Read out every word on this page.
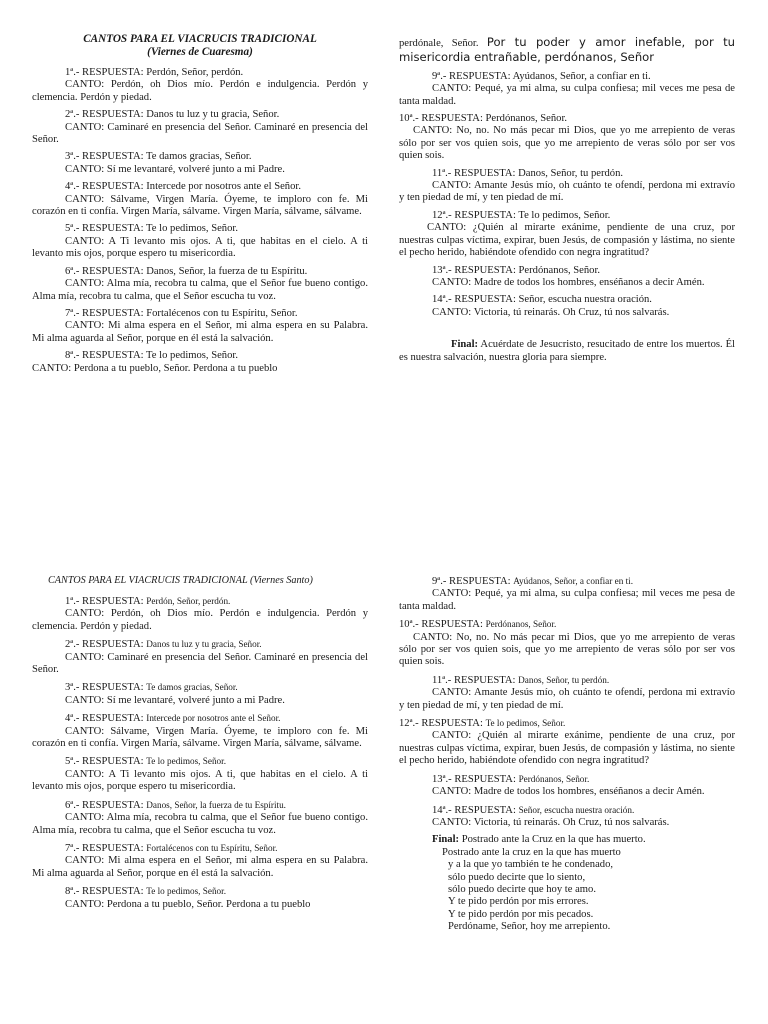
CANTOS PARA EL VIACRUCIS TRADICIONAL
(Viernes de Cuaresma)

1ª.- RESPUESTA: Perdón, Señor, perdón.

CANTO: Perdón, oh Dios mío. Perdón e indulgencia. Perdón y clemencia. Perdón y piedad.

2ª.- RESPUESTA: Danos tu luz y tu gracia, Señor.

CANTO: Caminaré en presencia del Señor. Caminaré en presencia del Señor.

3ª.- RESPUESTA: Te damos gracias, Señor.

CANTO: Sí me levantaré, volveré junto a mi Padre.

4ª.- RESPUESTA: Intercede por nosotros ante el Señor.

CANTO: Sálvame, Virgen María. Óyeme, te imploro con fe. Mi corazón en ti confía. Virgen María, sálvame. Virgen María, sálvame, sálvame.

5ª.- RESPUESTA: Te lo pedimos, Señor.

CANTO: A Ti levanto mis ojos. A ti, que habitas en el cielo. A ti levanto mis ojos, porque espero tu misericordia.

6ª.- RESPUESTA: Danos, Señor, la fuerza de tu Espíritu.

CANTO: Alma mía, recobra tu calma, que el Señor fue bueno contigo. Alma mía, recobra tu calma, que el Señor escucha tu voz.

7ª.- RESPUESTA: Fortalécenos con tu Espíritu, Señor.

CANTO: Mi alma espera en el Señor, mi alma espera en su Palabra. Mi alma aguarda al Señor, porque en él está la salvación.

8ª.- RESPUESTA: Te lo pedimos, Señor.

CANTO: Perdona a tu pueblo, Señor. Perdona a tu pueblo

perdónale, Señor. Por tu poder y amor inefable, por tu misericordia entrañable, perdónanos, Señor

9ª.- RESPUESTA: Ayúdanos, Señor, a confiar en ti.

CANTO: Pequé, ya mi alma, su culpa confiesa; mil veces me pesa de tanta maldad.

10ª.- RESPUESTA: Perdónanos, Señor.

CANTO: No, no. No más pecar mi Dios, que yo me arrepiento de veras sólo por ser vos quien sois, que yo me arrepiento de veras sólo por ser vos quien sois.

11ª.- RESPUESTA: Danos, Señor, tu perdón.

CANTO: Amante Jesús mío, oh cuánto te ofendí, perdona mi extravío y ten piedad de mí, y ten piedad de mí.

12ª.- RESPUESTA: Te lo pedimos, Señor.

CANTO: ¿Quién al mirarte exánime, pendiente de una cruz, por nuestras culpas víctima, expirar, buen Jesús, de compasión y lástima, no siente el pecho herido, habiéndote ofendido con negra ingratitud?

13ª.- RESPUESTA: Perdónanos, Señor.

CANTO: Madre de todos los hombres, enséñanos a decir Amén.

14ª.- RESPUESTA: Señor, escucha nuestra oración.

CANTO: Victoria, tú reinarás. Oh Cruz, tú nos salvarás.

Final: Acuérdate de Jesucristo, resucitado de entre los muertos. Él es nuestra salvación, nuestra gloria para siempre.

CANTOS PARA EL VIACRUCIS TRADICIONAL (Viernes Santo)

1ª.- RESPUESTA: Perdón, Señor, perdón.

CANTO: Perdón, oh Dios mío. Perdón e indulgencia. Perdón y clemencia. Perdón y piedad.

2ª.- RESPUESTA: Danos tu luz y tu gracia, Señor.

CANTO: Caminaré en presencia del Señor. Caminaré en presencia del Señor.

3ª.- RESPUESTA: Te damos gracias, Señor.

CANTO: Sí me levantaré, volveré junto a mi Padre.

4ª.- RESPUESTA: Intercede por nosotros ante el Señor.

CANTO: Sálvame, Virgen María. Óyeme, te imploro con fe. Mi corazón en ti confía. Virgen María, sálvame. Virgen María, sálvame, sálvame.

5ª.- RESPUESTA: Te lo pedimos, Señor.

CANTO: A Ti levanto mis ojos. A ti, que habitas en el cielo. A ti levanto mis ojos, porque espero tu misericordia.

6ª.- RESPUESTA: Danos, Señor, la fuerza de tu Espíritu.

CANTO: Alma mía, recobra tu calma, que el Señor fue bueno contigo. Alma mía, recobra tu calma, que el Señor escucha tu voz.

7ª.- RESPUESTA: Fortalécenos con tu Espíritu, Señor.

CANTO: Mi alma espera en el Señor, mi alma espera en su Palabra. Mi alma aguarda al Señor, porque en él está la salvación.

8ª.- RESPUESTA: Te lo pedimos, Señor.

CANTO: Perdona a tu pueblo, Señor. Perdona a tu pueblo

9ª.- RESPUESTA: Ayúdanos, Señor, a confiar en ti.

CANTO: Pequé, ya mi alma, su culpa confiesa; mil veces me pesa de tanta maldad.

10ª.- RESPUESTA: Perdónanos, Señor.

CANTO: No, no. No más pecar mi Dios, que yo me arrepiento de veras sólo por ser vos quien sois, que yo me arrepiento de veras sólo por ser vos quien sois.

11ª.- RESPUESTA: Danos, Señor, tu perdón.

CANTO: Amante Jesús mío, oh cuánto te ofendí, perdona mi extravío y ten piedad de mí, y ten piedad de mí.

12ª.- RESPUESTA: Te lo pedimos, Señor.

CANTO: ¿Quién al mirarte exánime, pendiente de una cruz, por nuestras culpas víctima, expirar, buen Jesús, de compasión y lástima, no siente el pecho herido, habiéndote ofendido con negra ingratitud?

13ª.- RESPUESTA: Perdónanos, Señor.

CANTO: Madre de todos los hombres, enséñanos a decir Amén.

14ª.- RESPUESTA: Señor, escucha nuestra oración.

CANTO: Victoria, tú reinarás. Oh Cruz, tú nos salvarás.

Final: Postrado ante la Cruz en la que has muerto.

Postrado ante la cruz en la que has muerto

y a la que yo también te he condenado,

sólo puedo decirte que lo siento,

sólo puedo decirte que hoy te amo.

Y te pido perdón por mis errores.

Y te pido perdón por mis pecados.

Perdóname, Señor, hoy me arrepiento.
